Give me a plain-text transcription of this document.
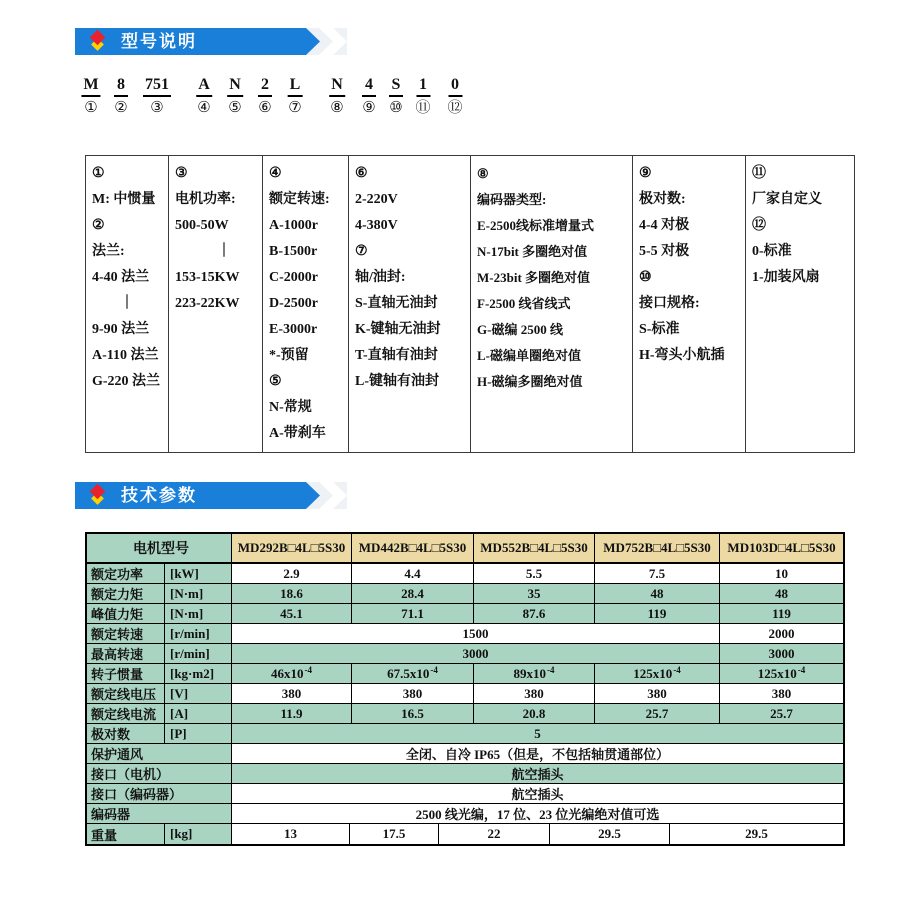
型号说明
M
①
8
②
751
③
A
④
N
⑤
2
⑥
L
⑦
N
⑧
4
⑨
S
⑩
1
⑪
0
⑫
①
M: 中惯量
②
法兰:
4-40 法兰
　　｜
9-90 法兰
A-110 法兰
G-220 法兰
③
电机功率:
500-50W
　　　｜
153-15KW
223-22KW
④
额定转速:
A-1000r
B-1500r
C-2000r
D-2500r
E-3000r
*-预留
⑤
N-常规
A-带刹车
⑥
2-220V
4-380V
⑦
轴/油封:
S-直轴无油封
K-键轴无油封
T-直轴有油封
L-键轴有油封
⑧
编码器类型:
E-2500线标准增量式
N-17bit 多圈绝对值
M-23bit 多圈绝对值
F-2500 线省线式
G-磁编 2500 线
L-磁编单圈绝对值
H-磁编多圈绝对值
⑨
极对数:
4-4 对极
5-5 对极
⑩
接口规格:
S-标准
H-弯头小航插
⑪
厂家自定义
⑫
0-标准
1-加装风扇
技术参数
电机型号	MD292B□4L□5S30	MD442B□4L□5S30	MD552B□4L□5S30	MD752B□4L□5S30	MD103D□4L□5S30
额定功率	[kW]	2.9	4.4	5.5	7.5	10
额定力矩	[N·m]	18.6	28.4	35	48	48
峰值力矩	[N·m]	45.1	71.1	87.6	119	119
额定转速	[r/min]	1500	2000
最高转速	[r/min]	3000	3000
转子惯量	[kg·m2]	46x10 -4	67.5x10 -4	89x10 -4	125x10 -4	125x10 -4
额定线电压	[V]	380	380	380	380	380
额定线电流	[A]	11.9	16.5	20.8	25.7	25.7
极对数	[P]	5
保护通风	全闭、自冷 IP65（但是，不包括轴贯通部位）
接口（电机）	航空插头
接口（编码器）	航空插头
编码器	2500 线光编，17 位、23 位光编绝对值可选
重量	[kg]	13	17.5	22	29.5	29.5
